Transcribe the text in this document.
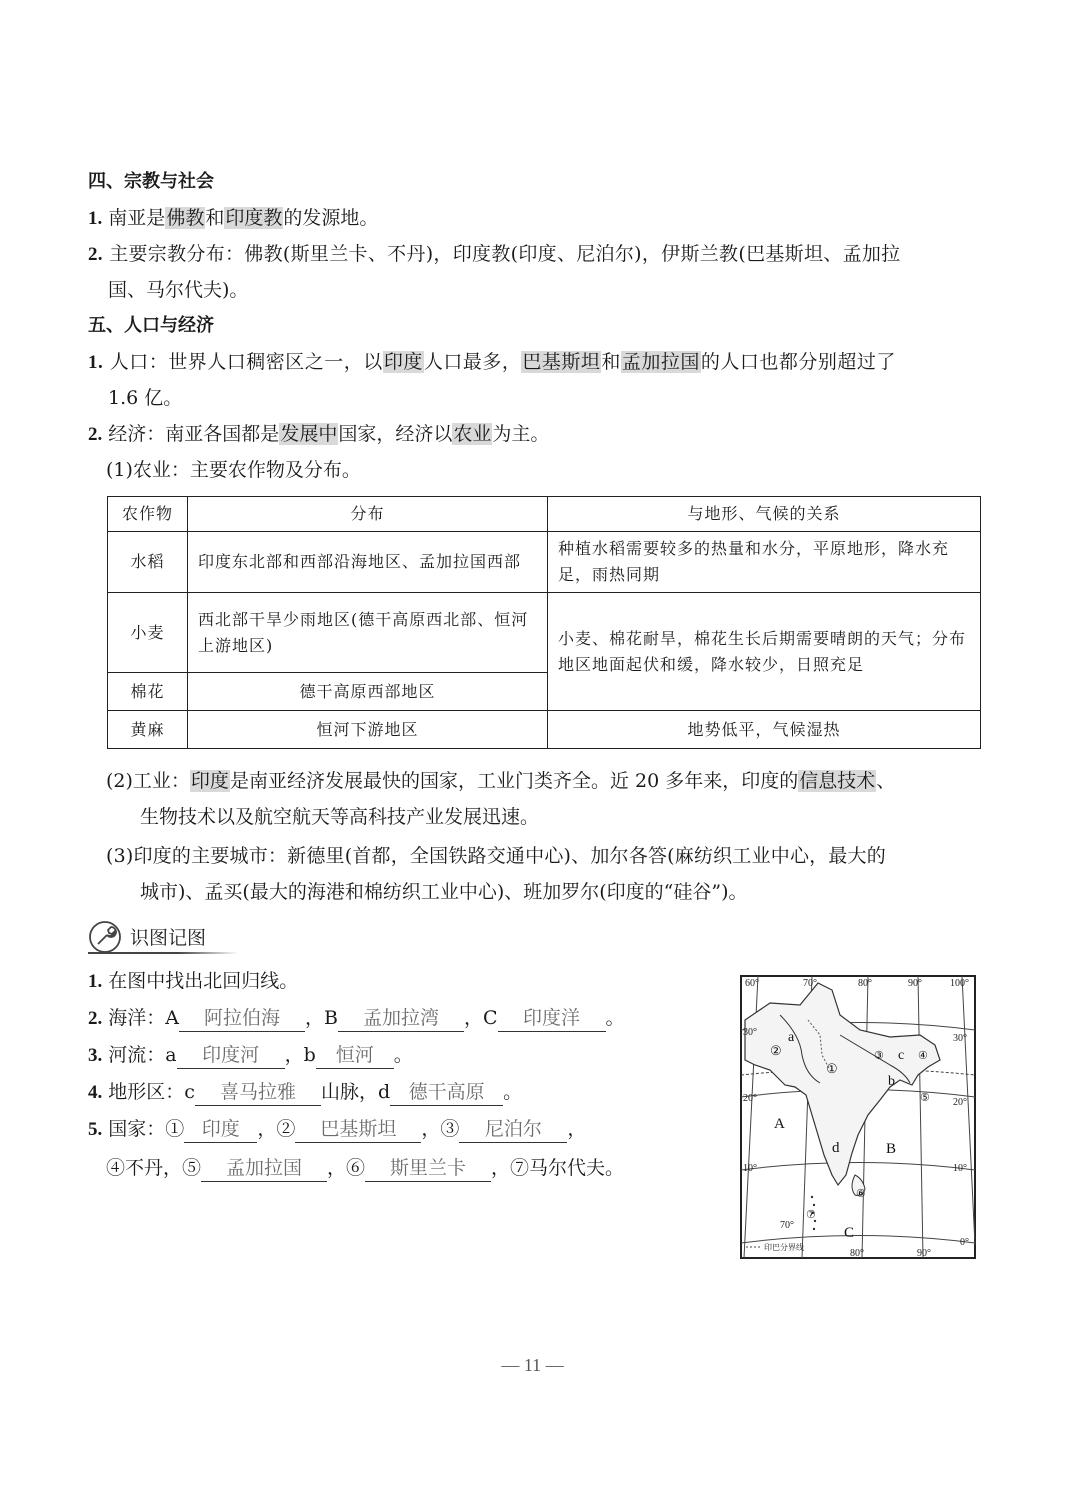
四、宗教与社会
1. 南亚是佛教和印度教的发源地。
2. 主要宗教分布：佛教(斯里兰卡、不丹)，印度教(印度、尼泊尔)，伊斯兰教(巴基斯坦、孟加拉
国、马尔代夫)。
五、人口与经济
1. 人口：世界人口稠密区之一，以印度人口最多，巴基斯坦和孟加拉国的人口也都分别超过了
1.6 亿。
2. 经济：南亚各国都是发展中国家，经济以农业为主。
(1)农业：主要农作物及分布。
农作物	分布	与地形、气候的关系
水稻	印度东北部和西部沿海地区、孟加拉国西部	种植水稻需要较多的热量和水分，平原地形，降水充足，雨热同期
小麦	西北部干旱少雨地区(德干高原西北部、恒河上游地区)	小麦、棉花耐旱，棉花生长后期需要晴朗的天气；分布地区地面起伏和缓，降水较少，日照充足
棉花	德干高原西部地区	
黄麻	恒河下游地区	地势低平，气候湿热
(2)工业：印度是南亚经济发展最快的国家，工业门类齐全。近 20 多年来，印度的信息技术、
生物技术以及航空航天等高科技产业发展迅速。
(3)印度的主要城市：新德里(首都，全国铁路交通中心)、加尔各答(麻纺织工业中心，最大的
城市)、孟买(最大的海港和棉纺织工业中心)、班加罗尔(印度的“硅谷”)。
识图记图
1. 在图中找出北回归线。
2. 海洋：A 阿拉伯海 ，B 孟加拉湾 ，C 印度洋 。
3. 河流：a 印度河 ，b 恒河 。
4. 地形区：c 喜马拉雅 山脉，d 德干高原 。
5. 国家：① 印度 ，② 巴基斯坦 ，③ 尼泊尔 ，
④不丹，⑤ 孟加拉国 ，⑥ 斯里兰卡 ，⑦马尔代夫。
60°	70°	80°	90°	100°
70°
80°	90°
30°
20°
10°
30°
20°
10°
0°
A
B
C
a
b
c
d
①
②	③	④
⑤
⑥
⑦
印巴分界线
— 11 —
